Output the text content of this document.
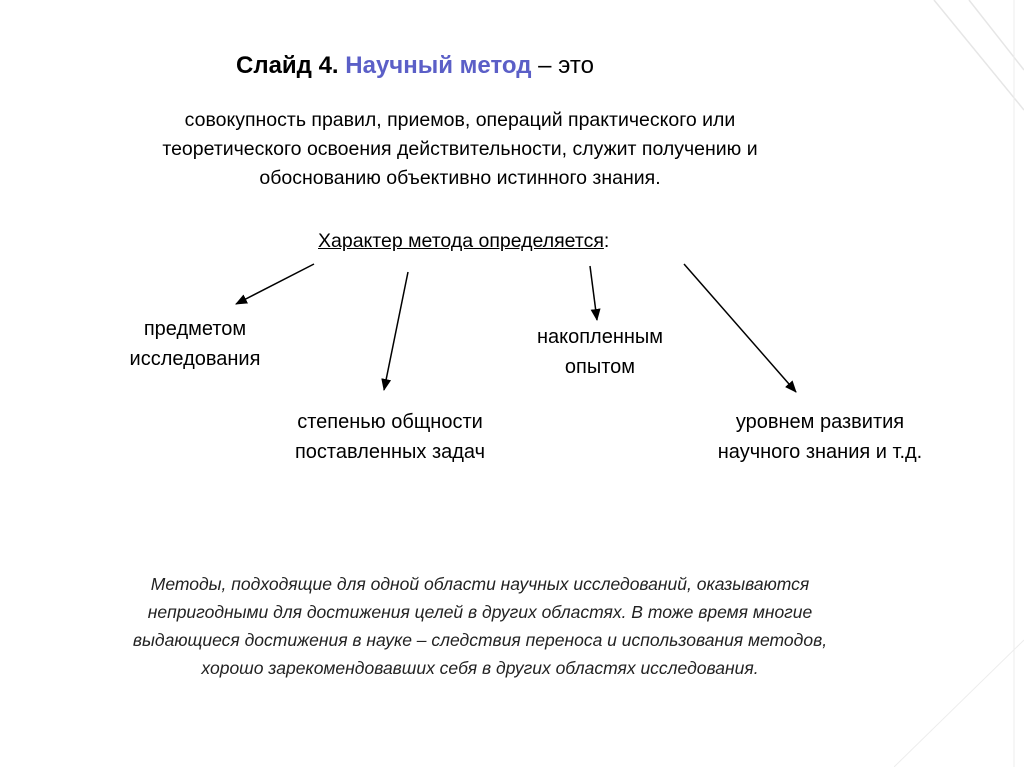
Слайд 4. Научный метод – это
совокупность правил, приемов, операций практического или
теоретического освоения действительности, служит получению и
обоснованию объективно истинного знания.
Характер метода определяется:
предметом
исследования
степенью общности
поставленных задач
накопленным
опытом
уровнем развития
научного знания и т.д.
Методы, подходящие для одной области научных исследований, оказываются
непригодными для достижения целей в других областях. В тоже время многие
выдающиеся достижения в науке – следствия переноса и использования методов,
хорошо зарекомендовавших себя в других областях исследования.
